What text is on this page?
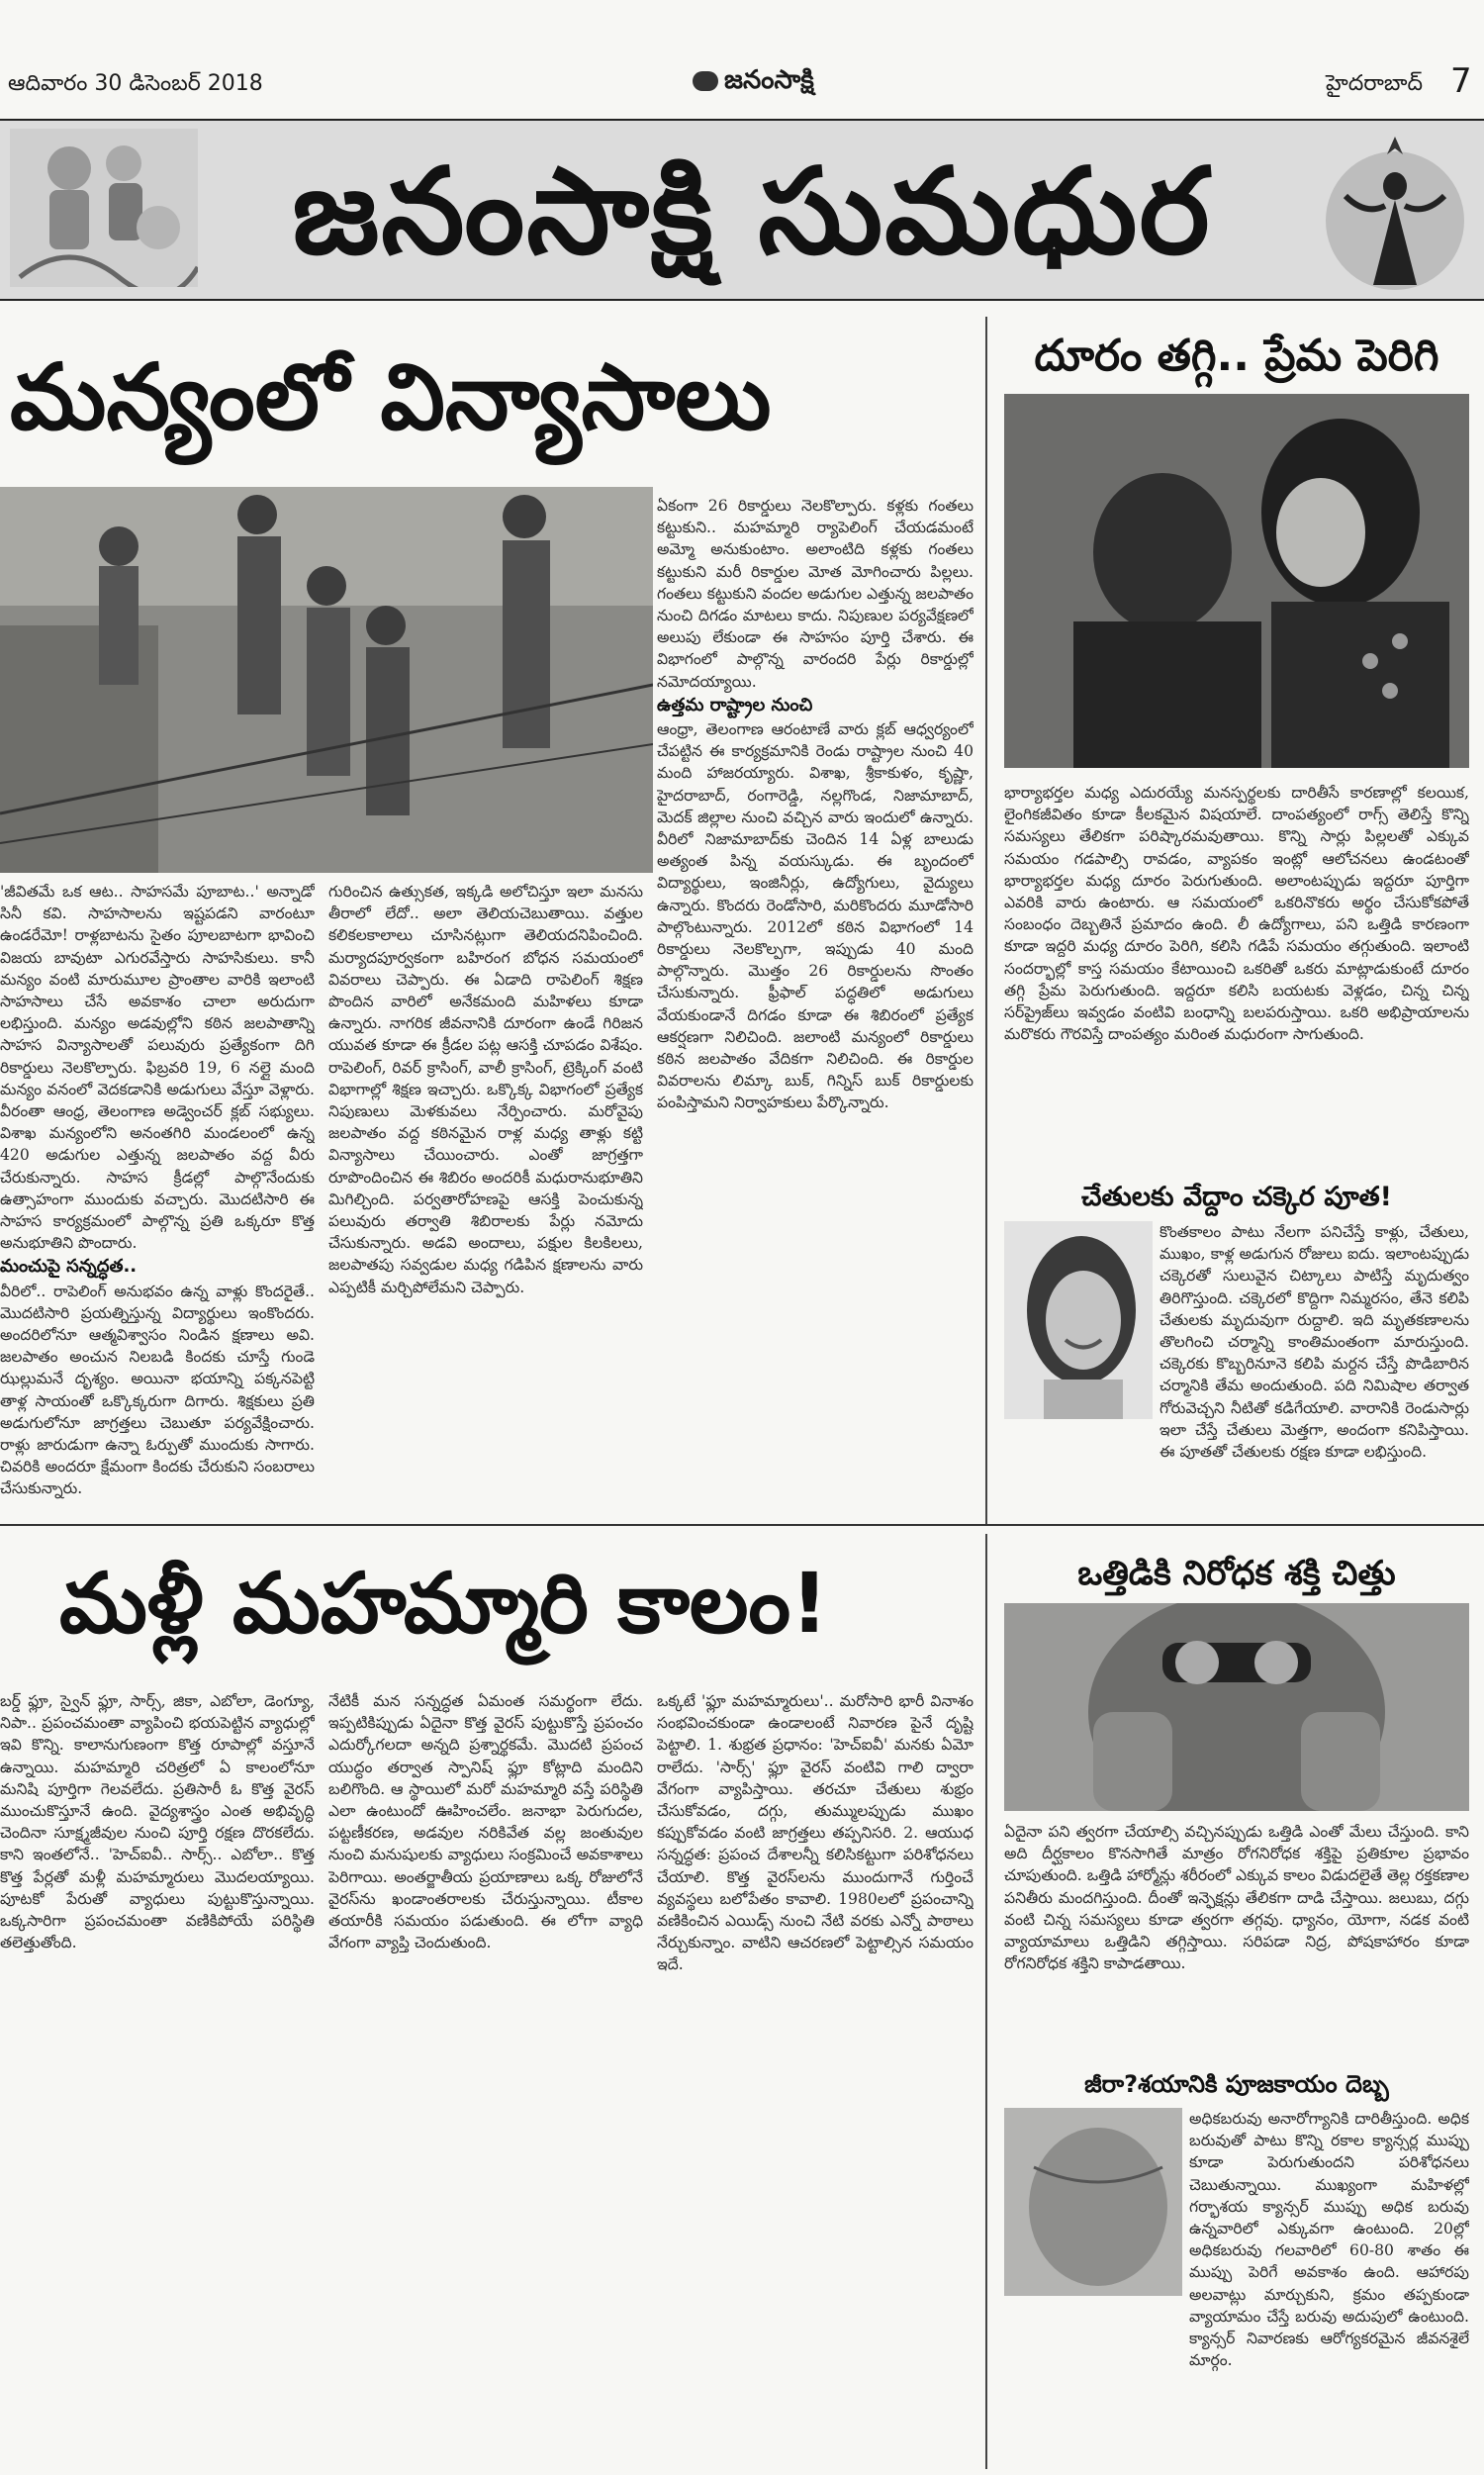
ఆదివారం 30 డిసెంబర్ 2018	జనంసాక్షి	హైదరాబాద్ 7
జనంసాక్షి సుమధుర
మన్యంలో విన్యాసాలు

'జీవితమే ఒక ఆట.. సాహసమే పూబాట..' అన్నాడో సినీ కవి. సాహసాలను ఇష్టపడని వారంటూ ఉండరేమో! రాళ్లబాటను సైతం పూలబాటగా భావించి విజయ బావుటా ఎగురవేస్తారు సాహసికులు. కానీ మన్యం వంటి మారుమూల ప్రాంతాల వారికి ఇలాంటి సాహసాలు చేసే అవకాశం చాలా అరుదుగా లభిస్తుంది. మన్యం అడవుల్లోని కఠిన జలపాతాన్ని సాహస విన్యాసాలతో పలువురు ప్రత్యేకంగా దిగి రికార్డులు నెలకొల్పారు. ఫిబ్రవరి 19, 6 నల్లై మంది మన్యం వనంలో వెదకడానికి అడుగులు వేస్తూ వెళ్లారు. వీరంతా ఆంధ్ర, తెలంగాణ అడ్వెంచర్ క్లబ్ సభ్యులు. విశాఖ మన్యంలోని అనంతగిరి మండలంలో ఉన్న 420 అడుగుల ఎత్తున్న జలపాతం వద్ద వీరు చేరుకున్నారు. సాహస క్రీడల్లో పాల్గొనేందుకు ఉత్సాహంగా ముందుకు వచ్చారు. మొదటిసారి ఈ సాహస కార్యక్రమంలో పాల్గొన్న ప్రతి ఒక్కరూ కొత్త అనుభూతిని పొందారు.

మంచుపై సన్నద్ధత..

వీరిలో.. రాపెలింగ్ అనుభవం ఉన్న వాళ్లు కొందరైతే.. మొదటిసారి ప్రయత్నిస్తున్న విద్యార్థులు ఇంకొందరు. అందరిలోనూ ఆత్మవిశ్వాసం నిండిన క్షణాలు అవి. జలపాతం అంచున నిలబడి కిందకు చూస్తే గుండె ఝల్లుమనే దృశ్యం. అయినా భయాన్ని పక్కనపెట్టి తాళ్ల సాయంతో ఒక్కొక్కరుగా దిగారు. శిక్షకులు ప్రతి అడుగులోనూ జాగ్రత్తలు చెబుతూ పర్యవేక్షించారు. రాళ్లు జారుడుగా ఉన్నా ఓర్పుతో ముందుకు సాగారు. చివరికి అందరూ క్షేమంగా కిందకు చేరుకుని సంబరాలు చేసుకున్నారు.

గురించిన ఉత్సుకత, ఇక్కడి అలోచిస్తూ ఇలా మనసు తీరాలో లేదో.. అలా తెలియచెబుతాయి. వత్తుల కలికలకాలాలు చూసినట్లుగా తెలియదనిపించింది. మర్యాదపూర్వకంగా బహిరంగ బోధన సమయంలో వివరాలు చెప్పారు. ఈ ఏడాది రాపెలింగ్ శిక్షణ పొందిన వారిలో అనేకమంది మహిళలు కూడా ఉన్నారు. నాగరిక జీవనానికి దూరంగా ఉండే గిరిజన యువత కూడా ఈ క్రీడల పట్ల ఆసక్తి చూపడం విశేషం. రాపెలింగ్, రివర్ క్రాసింగ్, వాలీ క్రాసింగ్, ట్రెక్కింగ్ వంటి విభాగాల్లో శిక్షణ ఇచ్చారు. ఒక్కొక్క విభాగంలో ప్రత్యేక నిపుణులు మెళకువలు నేర్పించారు. మరోవైపు జలపాతం వద్ద కఠినమైన రాళ్ల మధ్య తాళ్లు కట్టి విన్యాసాలు చేయించారు. ఎంతో జాగ్రత్తగా రూపొందించిన ఈ శిబిరం అందరికీ మధురానుభూతిని మిగిల్చింది. పర్వతారోహణపై ఆసక్తి పెంచుకున్న పలువురు తర్వాతి శిబిరాలకు పేర్లు నమోదు చేసుకున్నారు. అడవి అందాలు, పక్షుల కిలకిలలు, జలపాతపు సవ్వడుల మధ్య గడిపిన క్షణాలను వారు ఎప్పటికీ మర్చిపోలేమని చెప్పారు.

ఏకంగా 26 రికార్డులు నెలకొల్పారు. కళ్లకు గంతలు కట్టుకుని.. మహమ్మారి ర్యాపెలింగ్ చేయడమంటే అమ్మో అనుకుంటాం. అలాంటిది కళ్లకు గంతలు కట్టుకుని మరీ రికార్డుల మోత మోగించారు పిల్లలు. గంతలు కట్టుకుని వందల అడుగుల ఎత్తున్న జలపాతం నుంచి దిగడం మాటలు కాదు. నిపుణుల పర్యవేక్షణలో అలుపు లేకుండా ఈ సాహసం పూర్తి చేశారు. ఈ విభాగంలో పాల్గొన్న వారందరి పేర్లు రికార్డుల్లో నమోదయ్యాయి.

ఉత్తమ రాష్ట్రాల నుంచి

ఆంధ్రా, తెలంగాణ ఆరంటాణే వారు క్లబ్ ఆధ్వర్యంలో చేపట్టిన ఈ కార్యక్రమానికి రెండు రాష్ట్రాల నుంచి 40 మంది హాజరయ్యారు. విశాఖ, శ్రీకాకుళం, కృష్ణా, హైదరాబాద్, రంగారెడ్డి, నల్లగొండ, నిజామాబాద్, మెదక్ జిల్లాల నుంచి వచ్చిన వారు ఇందులో ఉన్నారు. వీరిలో నిజామాబాద్‌కు చెందిన 14 ఏళ్ల బాలుడు అత్యంత పిన్న వయస్కుడు. ఈ బృందంలో విద్యార్థులు, ఇంజినీర్లు, ఉద్యోగులు, వైద్యులు ఉన్నారు. కొందరు రెండోసారి, మరికొందరు మూడోసారి పాల్గొంటున్నారు. 2012లో కఠిన విభాగంలో 14 రికార్డులు నెలకొల్పగా, ఇప్పుడు 40 మంది పాల్గొన్నారు. మొత్తం 26 రికార్డులను సొంతం చేసుకున్నారు. ఫ్రీఫాల్ పద్ధతిలో అడుగులు వేయకుండానే దిగడం కూడా ఈ శిబిరంలో ప్రత్యేక ఆకర్షణగా నిలిచింది. జలాంటి మన్యంలో రికార్డులు కఠిన జలపాతం వేదికగా నిలిచింది. ఈ రికార్డుల వివరాలను లిమ్కా బుక్, గిన్నిస్ బుక్ రికార్డులకు పంపిస్తామని నిర్వాహకులు పేర్కొన్నారు.

దూరం తగ్గి.. ప్రేమ పెరిగి
భార్యాభర్తల మధ్య ఎదురయ్యే మనస్పర్థలకు దారితీసే కారణాల్లో కలయిక, లైంగికజీవితం కూడా కీలకమైన విషయాలే. దాంపత్యంలో రాగ్స్ తెలిస్తే కొన్ని సమస్యలు తేలికగా పరిష్కారమవుతాయి. కొన్ని సార్లు పిల్లలతో ఎక్కువ సమయం గడపాల్సి రావడం, వ్యాపకం ఇంట్లో ఆలోచనలు ఉండటంతో భార్యాభర్తల మధ్య దూరం పెరుగుతుంది. అలాంటప్పుడు ఇద్దరూ పూర్తిగా ఎవరికి వారు ఉంటారు. ఆ సమయంలో ఒకరినొకరు అర్థం చేసుకోకపోతే సంబంధం దెబ్బతినే ప్రమాదం ఉంది. లీ ఉద్యోగాలు, పని ఒత్తిడి కారణంగా కూడా ఇద్దరి మధ్య దూరం పెరిగి, కలిసి గడిపే సమయం తగ్గుతుంది. ఇలాంటి సందర్భాల్లో కాస్త సమయం కేటాయించి ఒకరితో ఒకరు మాట్లాడుకుంటే దూరం తగ్గి ప్రేమ పెరుగుతుంది. ఇద్దరూ కలిసి బయటకు వెళ్లడం, చిన్న చిన్న సర్‌ప్రైజ్‌లు ఇవ్వడం వంటివి బంధాన్ని బలపరుస్తాయి. ఒకరి అభిప్రాయాలను మరొకరు గౌరవిస్తే దాంపత్యం మరింత మధురంగా సాగుతుంది.
చేతులకు వేద్దాం చక్కెర పూత!
కొంతకాలం పాటు నేలగా పనిచేస్తే కాళ్లు, చేతులు, ముఖం, కాళ్ల అడుగున రోజులు ఐదు. ఇలాంటప్పుడు చక్కెరతో సులువైన చిట్కాలు పాటిస్తే మృదుత్వం తిరిగొస్తుంది. చక్కెరలో కొద్దిగా నిమ్మరసం, తేనె కలిపి చేతులకు మృదువుగా రుద్దాలి. ఇది మృతకణాలను తొలగించి చర్మాన్ని కాంతిమంతంగా మారుస్తుంది. చక్కెరకు కొబ్బరినూనె కలిపి మర్దన చేస్తే పొడిబారిన చర్మానికి తేమ అందుతుంది. పది నిమిషాల తర్వాత గోరువెచ్చని నీటితో కడిగేయాలి. వారానికి రెండుసార్లు ఇలా చేస్తే చేతులు మెత్తగా, అందంగా కనిపిస్తాయి. ఈ పూతతో చేతులకు రక్షణ కూడా లభిస్తుంది.
మళ్లీ మహమ్మారి కాలం!
బర్డ్ ఫ్లూ, స్వైన్ ఫ్లూ, సార్స్, జికా, ఎబోలా, డెంగ్యూ, నిపా.. ప్రపంచమంతా వ్యాపించి భయపెట్టిన వ్యాధుల్లో ఇవి కొన్ని. కాలానుగుణంగా కొత్త రూపాల్లో వస్తూనే ఉన్నాయి. మహమ్మారి చరిత్రలో ఏ కాలంలోనూ మనిషి పూర్తిగా గెలవలేదు. ప్రతిసారీ ఓ కొత్త వైరస్ ముంచుకొస్తూనే ఉంది. వైద్యశాస్త్రం ఎంత అభివృద్ధి చెందినా సూక్ష్మజీవుల నుంచి పూర్తి రక్షణ దొరకలేదు. కాని ఇంతలోనే.. 'హెచ్ఐవీ.. సార్స్.. ఎబోలా.. కొత్త కొత్త పేర్లతో మళ్లీ మహమ్మారులు మొదలయ్యాయి. పూటకో పేరుతో వ్యాధులు పుట్టుకొస్తున్నాయి. ఒక్కసారిగా ప్రపంచమంతా వణికిపోయే పరిస్థితి తలెత్తుతోంది.
నేటికీ మన సన్నద్ధత ఏమంత సమర్థంగా లేదు. ఇప్పటికిప్పుడు ఏదైనా కొత్త వైరస్ పుట్టుకొస్తే ప్రపంచం ఎదుర్కోగలదా అన్నది ప్రశ్నార్థకమే. మొదటి ప్రపంచ యుద్ధం తర్వాత స్పానిష్ ఫ్లూ కోట్లాది మందిని బలిగొంది. ఆ స్థాయిలో మరో మహమ్మారి వస్తే పరిస్థితి ఎలా ఉంటుందో ఊహించలేం. జనాభా పెరుగుదల, పట్టణీకరణ, అడవుల నరికివేత వల్ల జంతువుల నుంచి మనుషులకు వ్యాధులు సంక్రమించే అవకాశాలు పెరిగాయి. అంతర్జాతీయ ప్రయాణాలు ఒక్క రోజులోనే వైరస్‌ను ఖండాంతరాలకు చేరుస్తున్నాయి. టీకాల తయారీకి సమయం పడుతుంది. ఈ లోగా వ్యాధి వేగంగా వ్యాప్తి చెందుతుంది.
ఒక్కటే 'ఫ్లూ మహమ్మారులు'.. మరోసారి భారీ వినాశం సంభవించకుండా ఉండాలంటే నివారణ పైనే దృష్టి పెట్టాలి. 1. శుభ్రత ప్రధానం: 'హెచ్ఐవీ' మనకు ఏమో రాలేదు. 'సార్స్' ఫ్లూ వైరస్ వంటివి గాలి ద్వారా వేగంగా వ్యాపిస్తాయి. తరచూ చేతులు శుభ్రం చేసుకోవడం, దగ్గు, తుమ్ములప్పుడు ముఖం కప్పుకోవడం వంటి జాగ్రత్తలు తప్పనిసరి. 2. ఆయుధ సన్నద్ధత: ప్రపంచ దేశాలన్నీ కలిసికట్టుగా పరిశోధనలు చేయాలి. కొత్త వైరస్‌లను ముందుగానే గుర్తించే వ్యవస్థలు బలోపేతం కావాలి. 1980లలో ప్రపంచాన్ని వణికించిన ఎయిడ్స్ నుంచి నేటి వరకు ఎన్నో పాఠాలు నేర్చుకున్నాం. వాటిని ఆచరణలో పెట్టాల్సిన సమయం ఇదే.
ఒత్తిడికి నిరోధక శక్తి చిత్తు
ఏదైనా పని త్వరగా చేయాల్సి వచ్చినప్పుడు ఒత్తిడి ఎంతో మేలు చేస్తుంది. కాని అది దీర్ఘకాలం కొనసాగితే మాత్రం రోగనిరోధక శక్తిపై ప్రతికూల ప్రభావం చూపుతుంది. ఒత్తిడి హార్మోన్లు శరీరంలో ఎక్కువ కాలం విడుదలైతే తెల్ల రక్తకణాల పనితీరు మందగిస్తుంది. దీంతో ఇన్ఫెక్షన్లు తేలికగా దాడి చేస్తాయి. జలుబు, దగ్గు వంటి చిన్న సమస్యలు కూడా త్వరగా తగ్గవు. ధ్యానం, యోగా, నడక వంటి వ్యాయామాలు ఒత్తిడిని తగ్గిస్తాయి. సరిపడా నిద్ర, పోషకాహారం కూడా రోగనిరోధక శక్తిని కాపాడతాయి.
జీరా?శయానికి పూజకాయం దెబ్బ
అధికబరువు అనారోగ్యానికి దారితీస్తుంది. అధిక బరువుతో పాటు కొన్ని రకాల క్యాన్సర్ల ముప్పు కూడా పెరుగుతుందని పరిశోధనలు చెబుతున్నాయి. ముఖ్యంగా మహిళల్లో గర్భాశయ క్యాన్సర్ ముప్పు అధిక బరువు ఉన్నవారిలో ఎక్కువగా ఉంటుంది. 20ల్లో అధికబరువు గలవారిలో 60-80 శాతం ఈ ముప్పు పెరిగే అవకాశం ఉంది. ఆహారపు అలవాట్లు మార్చుకుని, క్రమం తప్పకుండా వ్యాయామం చేస్తే బరువు అదుపులో ఉంటుంది. క్యాన్సర్ నివారణకు ఆరోగ్యకరమైన జీవనశైలే మార్గం.
